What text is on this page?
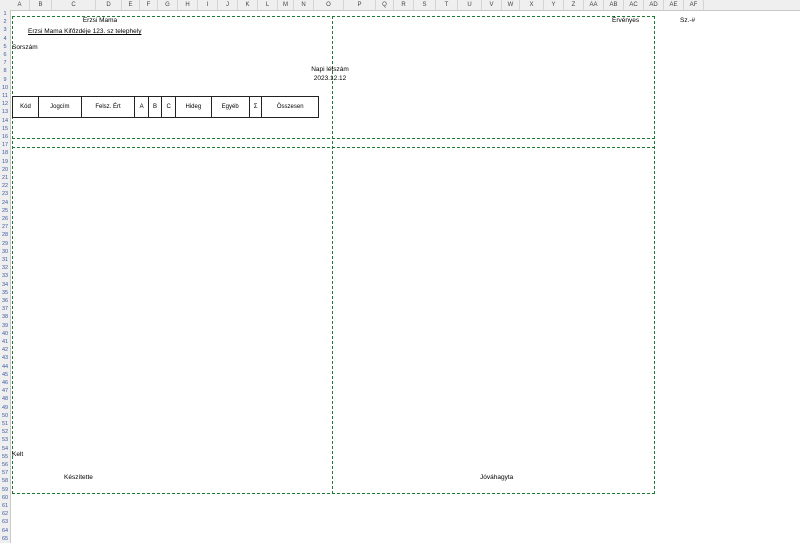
A	B	C	D	E	F	G	H	I	J	K	L	M	N	O	P	Q	R	S	T	U	V	W	X	Y	Z	AA	AB	AC	AD	AE	AF
1
2
3
4
5
6
7
8
9
10
11
12
13
14
15
16
17
18
19
20
21
22
23
24
25
26
27
28
29
30
31
32
33
34
35
36
37
38
39
40
41
42
43
44
45
46
47
48
49
50
51
52
53
54
55
56
57
58
59
60
61
62
63
64
65
Erzsi Mama
Erzsi Mama Kifőzdéje 123. sz telephely
Sorszám
Érvényes
Napi létszám
2023.12.12
Sz.-#
Kód	Jogcím	Felsz. Ért	A	B	C	Hideg	Egyéb	Σ	Összesen
Kelt
Készítette	Jóváhagyta
